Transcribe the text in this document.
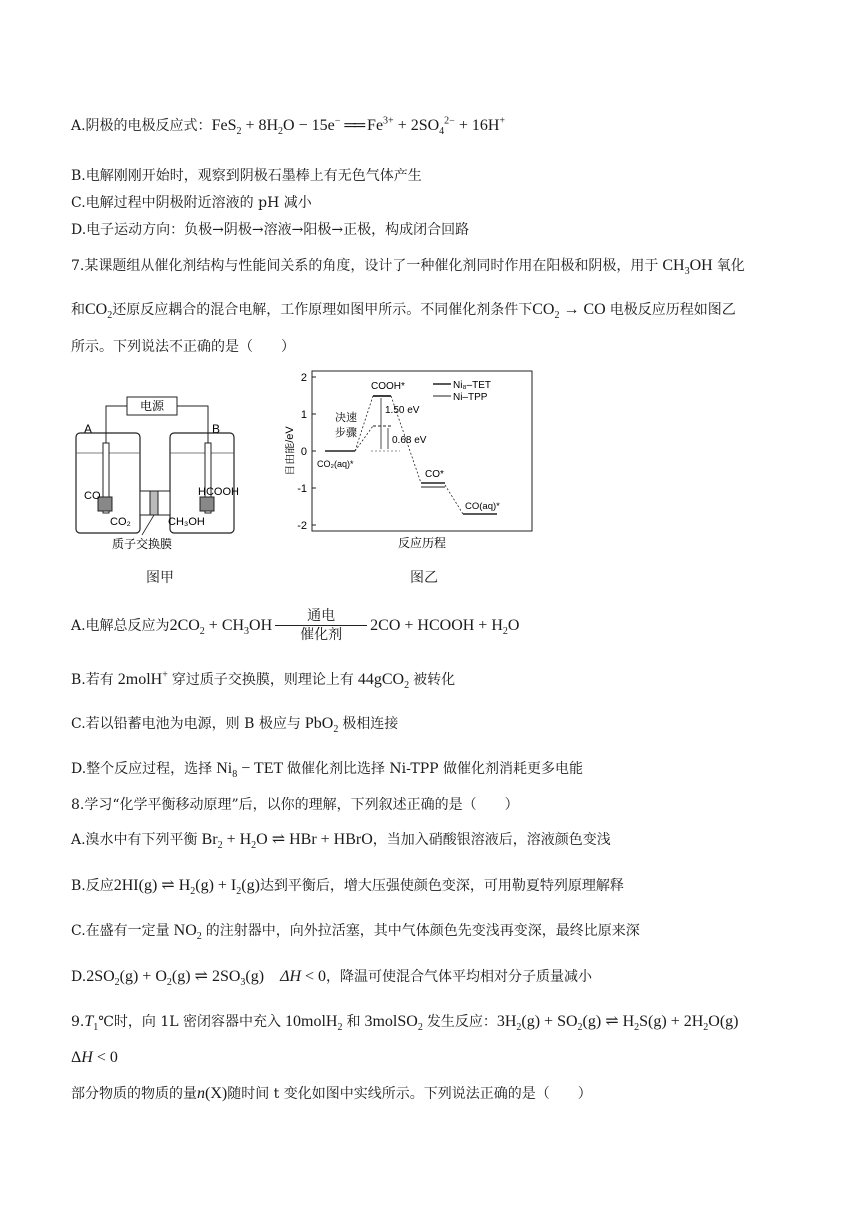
A.阴极的电极反应式：$FeS_2 + 8H_2O - 15e^-$ ══ $Fe^{3+} + 2SO_4^{2-} + 16H^+$
B.电解刚刚开始时，观察到阴极石墨棒上有无色气体产生
C.电解过程中阴极附近溶液的 pH 减小
D.电子运动方向：负极→阴极→溶液→阳极→正极，构成闭合回路
7.某课题组从催化剂结构与性能间关系的角度，设计了一种催化剂同时作用在阳极和阴极，用于 $CH_3OH$ 氧化
和$CO_2$还原反应耦合的混合电解，工作原理如图甲所示。不同催化剂条件下$CO_2$ → CO 电极反应历程如图乙
所示。下列说法不正确的是（　　）
电源
A	B
CO
CO₂
HCOOH
CH₃OH
质子交换膜
图甲
2
1
0
-1
-2
自由能/eV
COOH*
CO₂(aq)*
CO*
CO(aq)*
1.50 eV
0.68 eV
决速
步骤
Ni₈–TET
Ni–TPP
反应历程
图乙
A.电解总反应为$2CO_2 + CH_3OH$
通电
催化剂
2CO + HCOOH + $H_2O$
B.若有 2molH+ 穿过质子交换膜，则理论上有 44gCO$_2$ 被转化
C.若以铅蓄电池为电源，则 B 极应与 PbO$_2$ 极相连接
D.整个反应过程，选择 $Ni_8$ − TET 做催化剂比选择 Ni-TPP 做催化剂消耗更多电能
8.学习“化学平衡移动原理”后，以你的理解，下列叙述正确的是（　　）
A.溴水中有下列平衡 $Br_2 + H_2O$ ⇌ HBr + HBrO，当加入硝酸银溶液后，溶液颜色变浅
B.反应2HI(g) ⇌ $H_2(g) + I_2(g)$达到平衡后，增大压强使颜色变深，可用勒夏特列原理解释
C.在盛有一定量 $NO_2$ 的注射器中，向外拉活塞，其中气体颜色先变浅再变深，最终比原来深
$D.2SO_2(g) + O_2(g)$ ⇌ $2SO_3(g)$　ΔH < 0，降温可使混合气体平均相对分子质量减小
$9.T_1℃$时，向 1L 密闭容器中充入 10molH$_2$ 和 3molSO$_2$ 发生反应：$3H_2(g) + SO_2(g)$ ⇌ $H_2S(g) + 2H_2O(g)$
ΔH < 0
部分物质的物质的量n(X)随时间 t 变化如图中实线所示。下列说法正确的是（　　）
